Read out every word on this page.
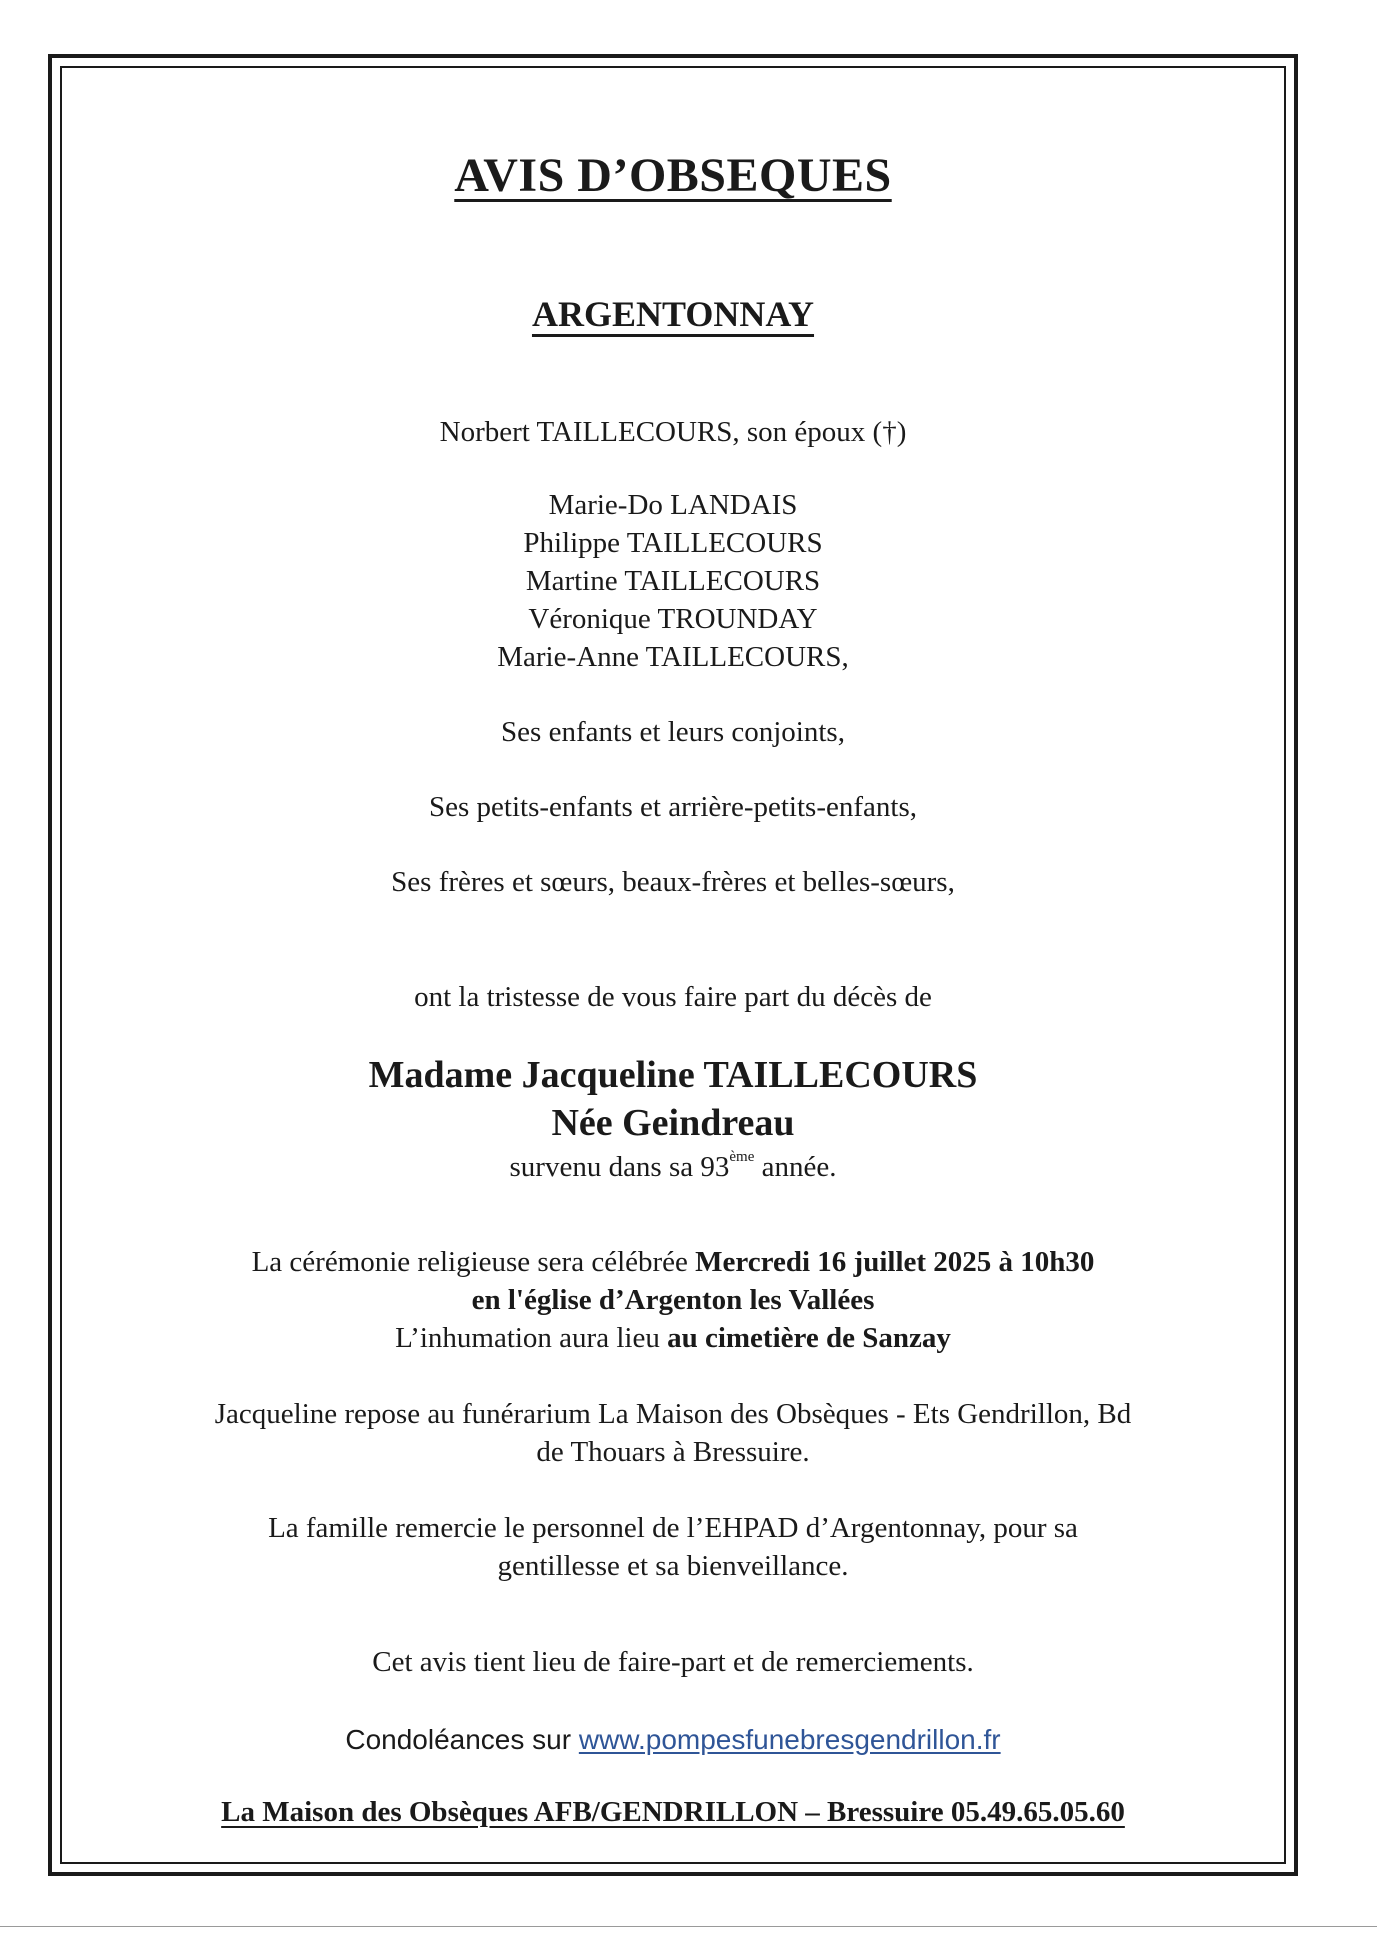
AVIS D’OBSEQUES
ARGENTONNAY
Norbert TAILLECOURS, son époux (†)
Marie-Do LANDAIS
Philippe TAILLECOURS
Martine TAILLECOURS
Véronique TROUNDAY
Marie-Anne TAILLECOURS,
Ses enfants et leurs conjoints,
Ses petits-enfants et arrière-petits-enfants,
Ses frères et sœurs, beaux-frères et belles-sœurs,
ont la tristesse de vous faire part du décès de
Madame Jacqueline TAILLECOURS
Née Geindreau
survenu dans sa 93ème année.
La cérémonie religieuse sera célébrée Mercredi 16 juillet 2025 à 10h30
en l'église d’Argenton les Vallées
L’inhumation aura lieu au cimetière de Sanzay
Jacqueline repose au funérarium La Maison des Obsèques - Ets Gendrillon, Bd
de Thouars à Bressuire.
La famille remercie le personnel de l’EHPAD d’Argentonnay, pour sa
gentillesse et sa bienveillance.
Cet avis tient lieu de faire-part et de remerciements.
Condoléances sur www.pompesfunebresgendrillon.fr
La Maison des Obsèques AFB/GENDRILLON – Bressuire 05.49.65.05.60
